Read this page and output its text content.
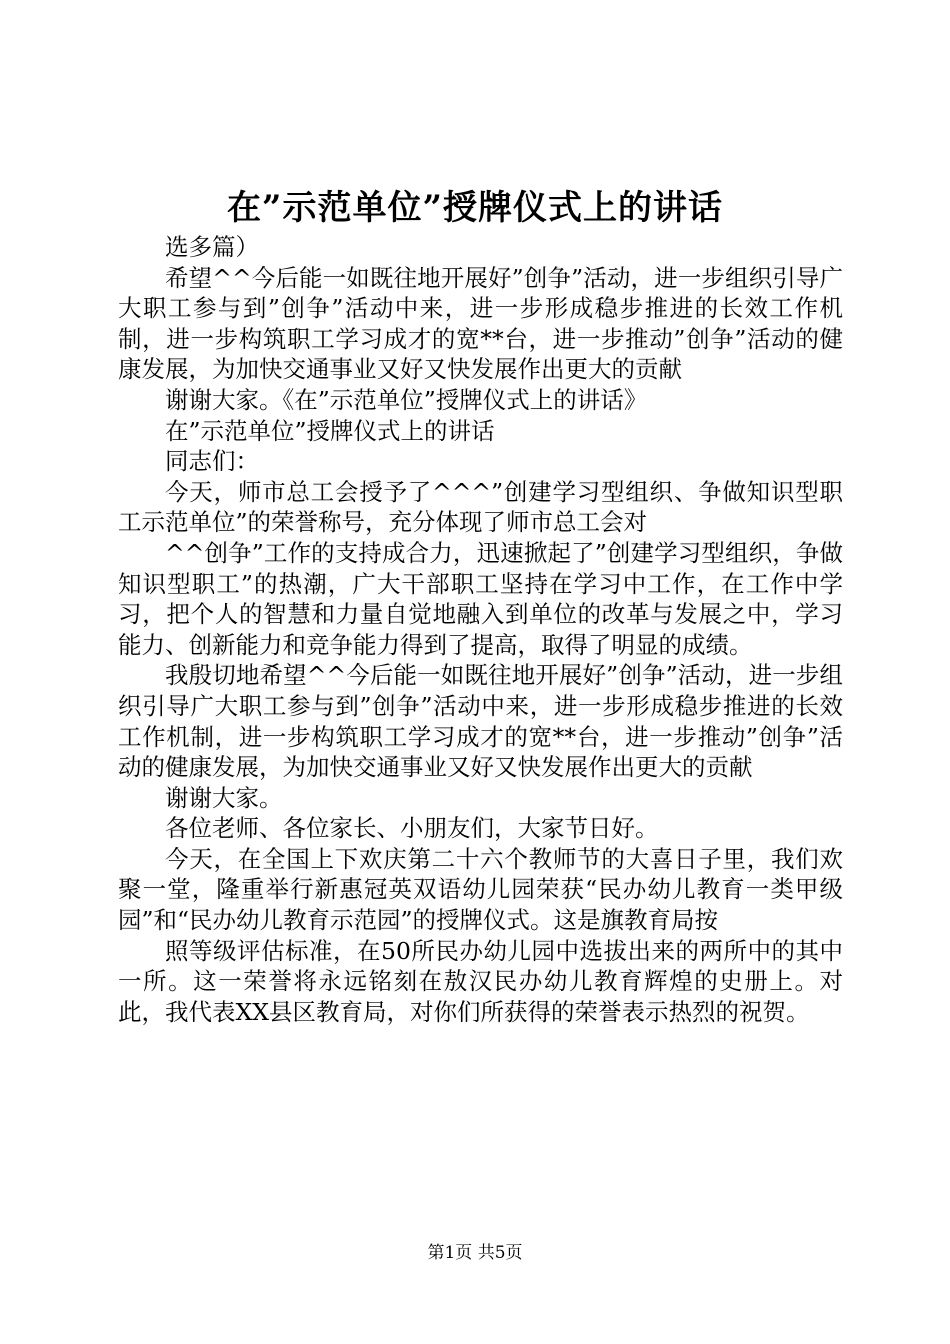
在”示范单位”授牌仪式上的讲话

选多篇）

希望^^今后能一如既往地开展好”创争”活动，进一步组织引导广大职工参与到”创争”活动中来，进一步形成稳步推进的长效工作机制，进一步构筑职工学习成才的宽**台，进一步推动”创争”活动的健康发展，为加快交通事业又好又快发展作出更大的贡献

谢谢大家。《在”示范单位”授牌仪式上的讲话》

在”示范单位”授牌仪式上的讲话

同志们：

今天，师市总工会授予了^^^”创建学习型组织、争做知识型职工示范单位”的荣誉称号，充分体现了师市总工会对

^^创争”工作的支持成合力，迅速掀起了”创建学习型组织，争做知识型职工”的热潮，广大干部职工坚持在学习中工作，在工作中学习，把个人的智慧和力量自觉地融入到单位的改革与发展之中，学习能力、创新能力和竞争能力得到了提高，取得了明显的成绩。

我殷切地希望^^今后能一如既往地开展好”创争”活动，进一步组织引导广大职工参与到”创争”活动中来，进一步形成稳步推进的长效工作机制，进一步构筑职工学习成才的宽**台，进一步推动”创争”活动的健康发展，为加快交通事业又好又快发展作出更大的贡献

谢谢大家。

各位老师、各位家长、小朋友们，大家节日好。

今天，在全国上下欢庆第二十六个教师节的大喜日子里，我们欢聚一堂，隆重举行新惠冠英双语幼儿园荣获“民办幼儿教育一类甲级园”和“民办幼儿教育示范园”的授牌仪式。这是旗教育局按

照等级评估标准，在50所民办幼儿园中选拔出来的两所中的其中一所。这一荣誉将永远铭刻在敖汉民办幼儿教育辉煌的史册上。对此，我代表XX县区教育局，对你们所获得的荣誉表示热烈的祝贺。

第1页 共5页
